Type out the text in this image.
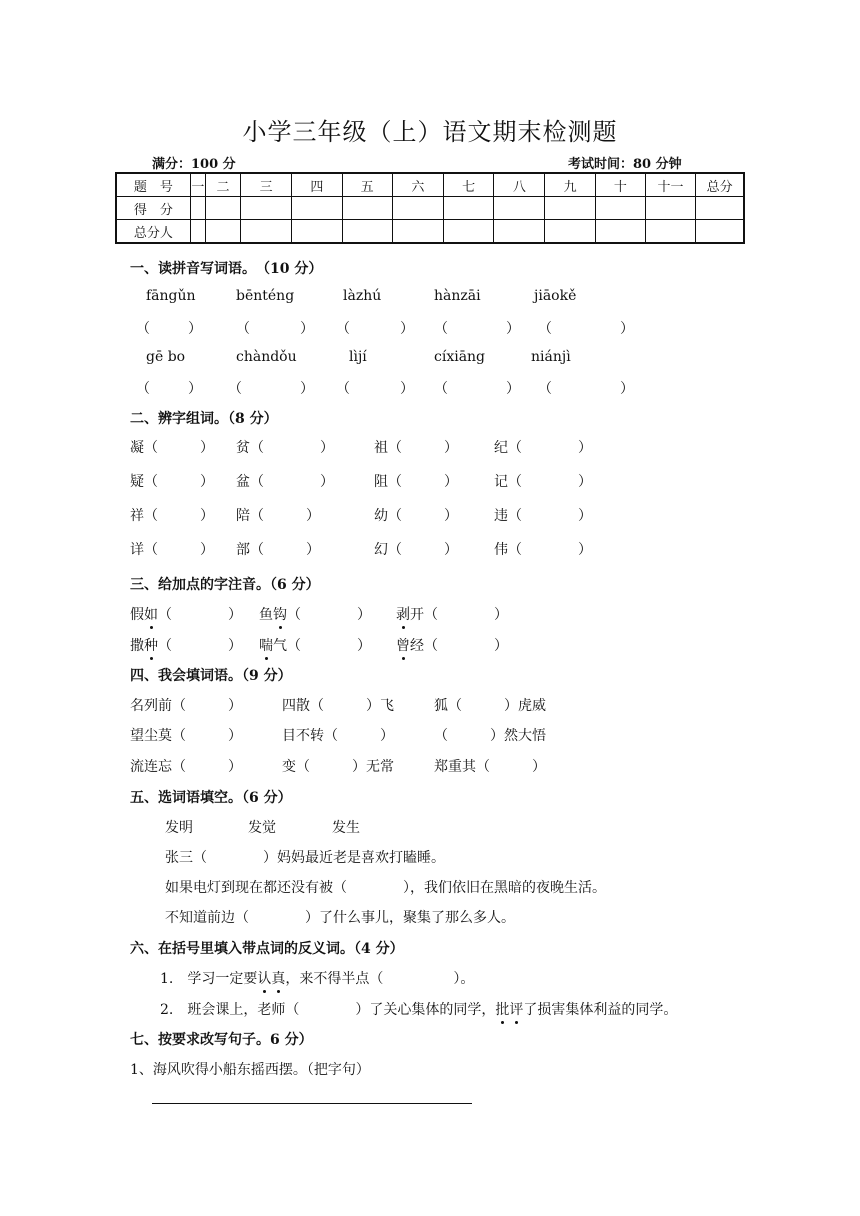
小学三年级（上）语文期末检测题
满分：100 分	考试时间：80 分钟
题　号	一	二	三	四	五	六	七	八	九	十	十一	总分
得　分												
总分人												
一、读拼音写词语。　（10 分）
fāngǔn	bēnténg	làzhú	hànzāi	jiāokě
（	） （	） （	） （	） （	）
gē bo	chàndǒu	lìjí	cíxiāng	niánjì
（	） （	） （	） （	） （	）
二、辨字组词。（8 分）
凝（　　　） 贫（　　　　）	祖（　　　）	纪（　　　　）
疑（　　　） 盆（　　　　）	阻（　　　）	记（　　　　）
祥（　　　） 陪（　　　）	幼（　　　）	违（　　　　）
详（　　　） 部（　　　）	幻（　　　）	伟（　　　　）
三、给加点的字注音。（6 分）
假如（　　　　） 鱼钩（　　　　） 剥开（　　　　）
撒种（　　　　） 喘气（　　　　） 曾经（　　　　）
四、我会填词语。（9 分）
名列前（　　　）	四散（　　　）飞	狐（　　　）虎威
望尘莫（　　　）	目不转（　　　）	（　　　）然大悟
流连忘（　　　）	变（　　　）无常	郑重其（　　　）
五、选词语填空。（6 分）
发明	发觉	发生
张三（　　　　）妈妈最近老是喜欢打瞌睡。
如果电灯到现在都还没有被（　　　　），我们依旧在黑暗的夜晚生活。
不知道前边（　　　　）了什么事儿，聚集了那么多人。
六、在括号里填入带点词的反义词。（4 分）
1.　学习一定要认真，来不得半点（　　　　　）。
2.　班会课上，老师（　　　　）了关心集体的同学，批评了损害集体利益的同学。
七、按要求改写句子。6 分）
1、海风吹得小船东摇西摆。（把字句）
